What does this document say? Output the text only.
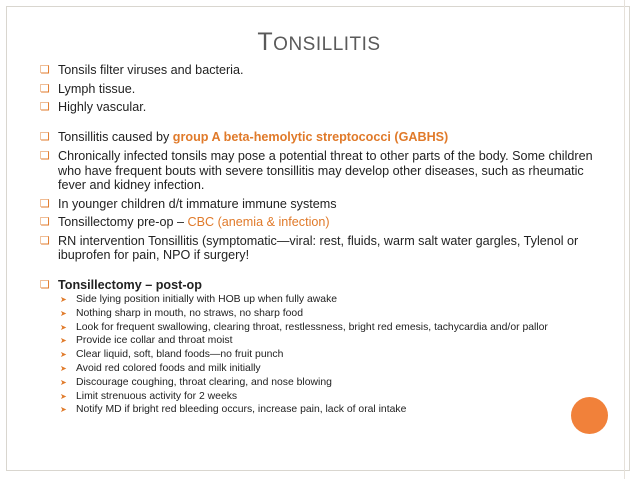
TONSILLITIS
❏ Tonsils filter viruses and bacteria.
❏ Lymph tissue.
❏ Highly vascular.
❏ Tonsillitis caused by group A beta-hemolytic streptococci (GABHS)
❏ Chronically infected tonsils may pose a potential threat to other parts of the body. Some children who have frequent bouts with severe tonsillitis may develop other diseases, such as rheumatic fever and kidney infection.
❏ In younger children d/t immature immune systems
❏ Tonsillectomy pre-op – CBC (anemia & infection)
❏ RN intervention Tonsillitis (symptomatic—viral: rest, fluids, warm salt water gargles, Tylenol or ibuprofen for pain, NPO if surgery!
❏ Tonsillectomy – post-op
➤ Side lying position initially with HOB up when fully awake
➤ Nothing sharp in mouth, no straws, no sharp food
➤ Look for frequent swallowing, clearing throat, restlessness, bright red emesis, tachycardia and/or pallor
➤ Provide ice collar and throat moist
➤ Clear liquid, soft, bland foods—no fruit punch
➤ Avoid red colored foods and milk initially
➤ Discourage coughing, throat clearing, and nose blowing
➤ Limit strenuous activity for 2 weeks
➤ Notify MD if bright red bleeding occurs, increase pain, lack of oral intake
